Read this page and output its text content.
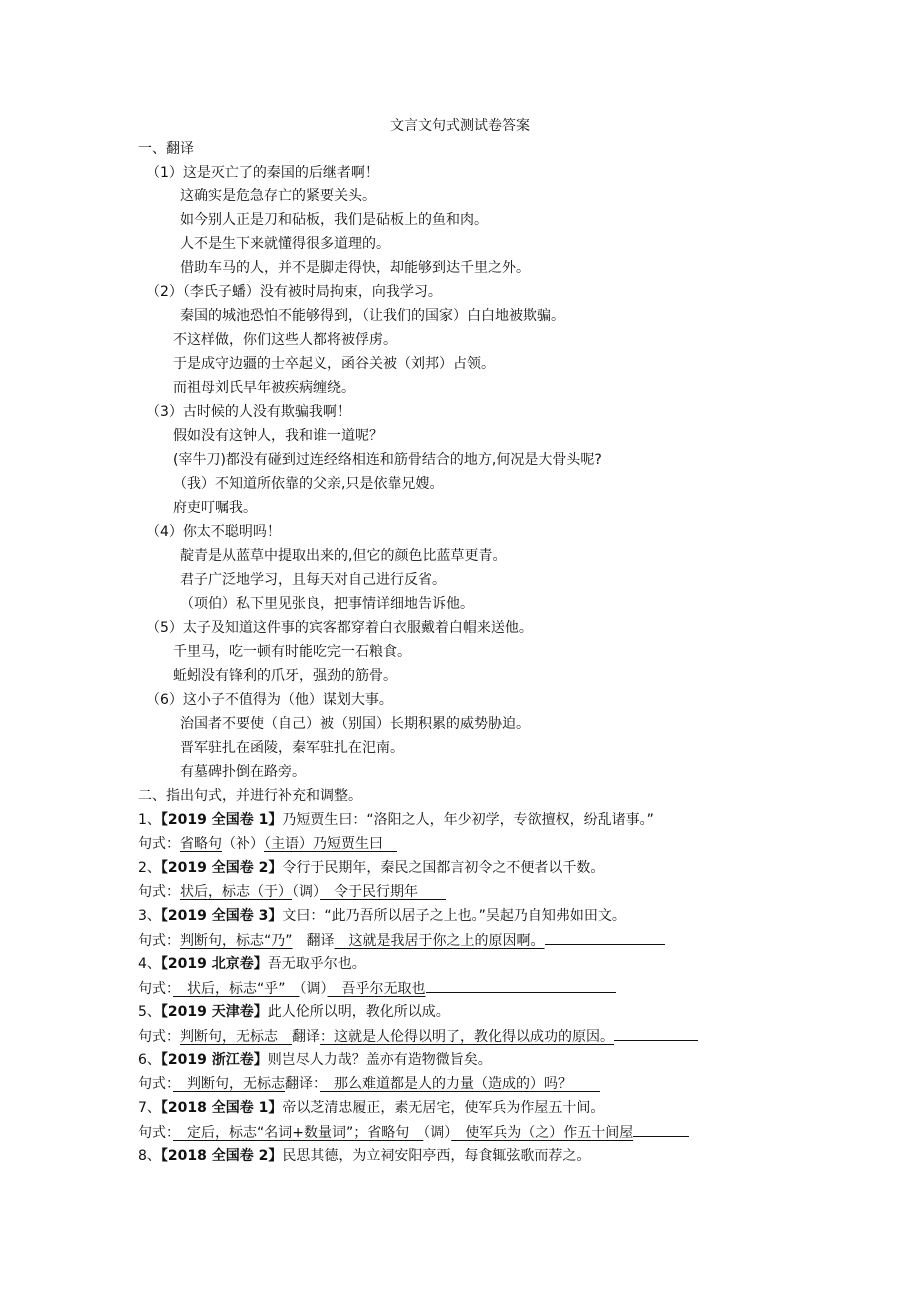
文言文句式测试卷答案
一、翻译
（1）这是灭亡了的秦国的后继者啊！
这确实是危急存亡的紧要关头。
如今别人正是刀和砧板，我们是砧板上的鱼和肉。
人不是生下来就懂得很多道理的。
借助车马的人，并不是脚走得快，却能够到达千里之外。
（2）（李氏子蟠）没有被时局拘束，向我学习。
秦国的城池恐怕不能够得到，（让我们的国家）白白地被欺骗。
不这样做，你们这些人都将被俘虏。
于是成守边疆的士卒起义，函谷关被（刘邦）占领。
而祖母刘氏早年被疾病缠绕。
（3）古时候的人没有欺骗我啊！
假如没有这钟人，我和谁一道呢？
(宰牛刀)都没有碰到过连经络相连和筋骨结合的地方,何况是大骨头呢?
（我）不知道所依靠的父亲,只是依靠兄嫂。
府吏叮嘱我。
（4）你太不聪明吗！
靛青是从蓝草中提取出来的,但它的颜色比蓝草更青。
君子广泛地学习，且每天对自己进行反省。
（项伯）私下里见张良，把事情详细地告诉他。
（5）太子及知道这件事的宾客都穿着白衣服戴着白帽来送他。
千里马，吃一顿有时能吃完一石粮食。
蚯蚓没有锋利的爪牙，强劲的筋骨。
（6）这小子不值得为（他）谋划大事。
治国者不要使（自己）被（别国）长期积累的威势胁迫。
晋军驻扎在函陵，秦军驻扎在汜南。
有墓碑扑倒在路旁。
二、指出句式，并进行补充和调整。
1、【2019 全国卷 1】乃短贾生曰：“洛阳之人，年少初学，专欲擅权，纷乱诸事。”
句式：省略句（补）（主语）乃短贾生曰　
2、【2019 全国卷 2】令行于民期年，秦民之国都言初令之不便者以千数。
句式：状后，标志（于）（调）　令于民行期年　　
3、【2019 全国卷 3】文曰：“此乃吾所以居子之上也。”吴起乃自知弗如田文。
句式：判断句，标志“乃”　翻译　这就是我居于你之上的原因啊。
4、【2019 北京卷】吾无取乎尔也。
句式：　状后，标志“乎”　（调）　吾乎尔无取也
5、【2019 天津卷】此人伦所以明，教化所以成。
句式：判断句，无标志　翻译：这就是人伦得以明了，教化得以成功的原因。
6、【2019 浙江卷】则岂尽人力哉？盖亦有造物微旨矣。
句式：　判断句，无标志翻译：　那么难道都是人的力量（造成的）吗？　　
7、【2018 全国卷 1】帝以芝清忠履正，素无居宅，使军兵为作屋五十间。
句式：　定后，标志“名词+数量词”；省略句　（调）　使军兵为（之）作五十间屋
8、【2018 全国卷 2】民思其德，为立祠安阳亭西，每食辄弦歌而荐之。
